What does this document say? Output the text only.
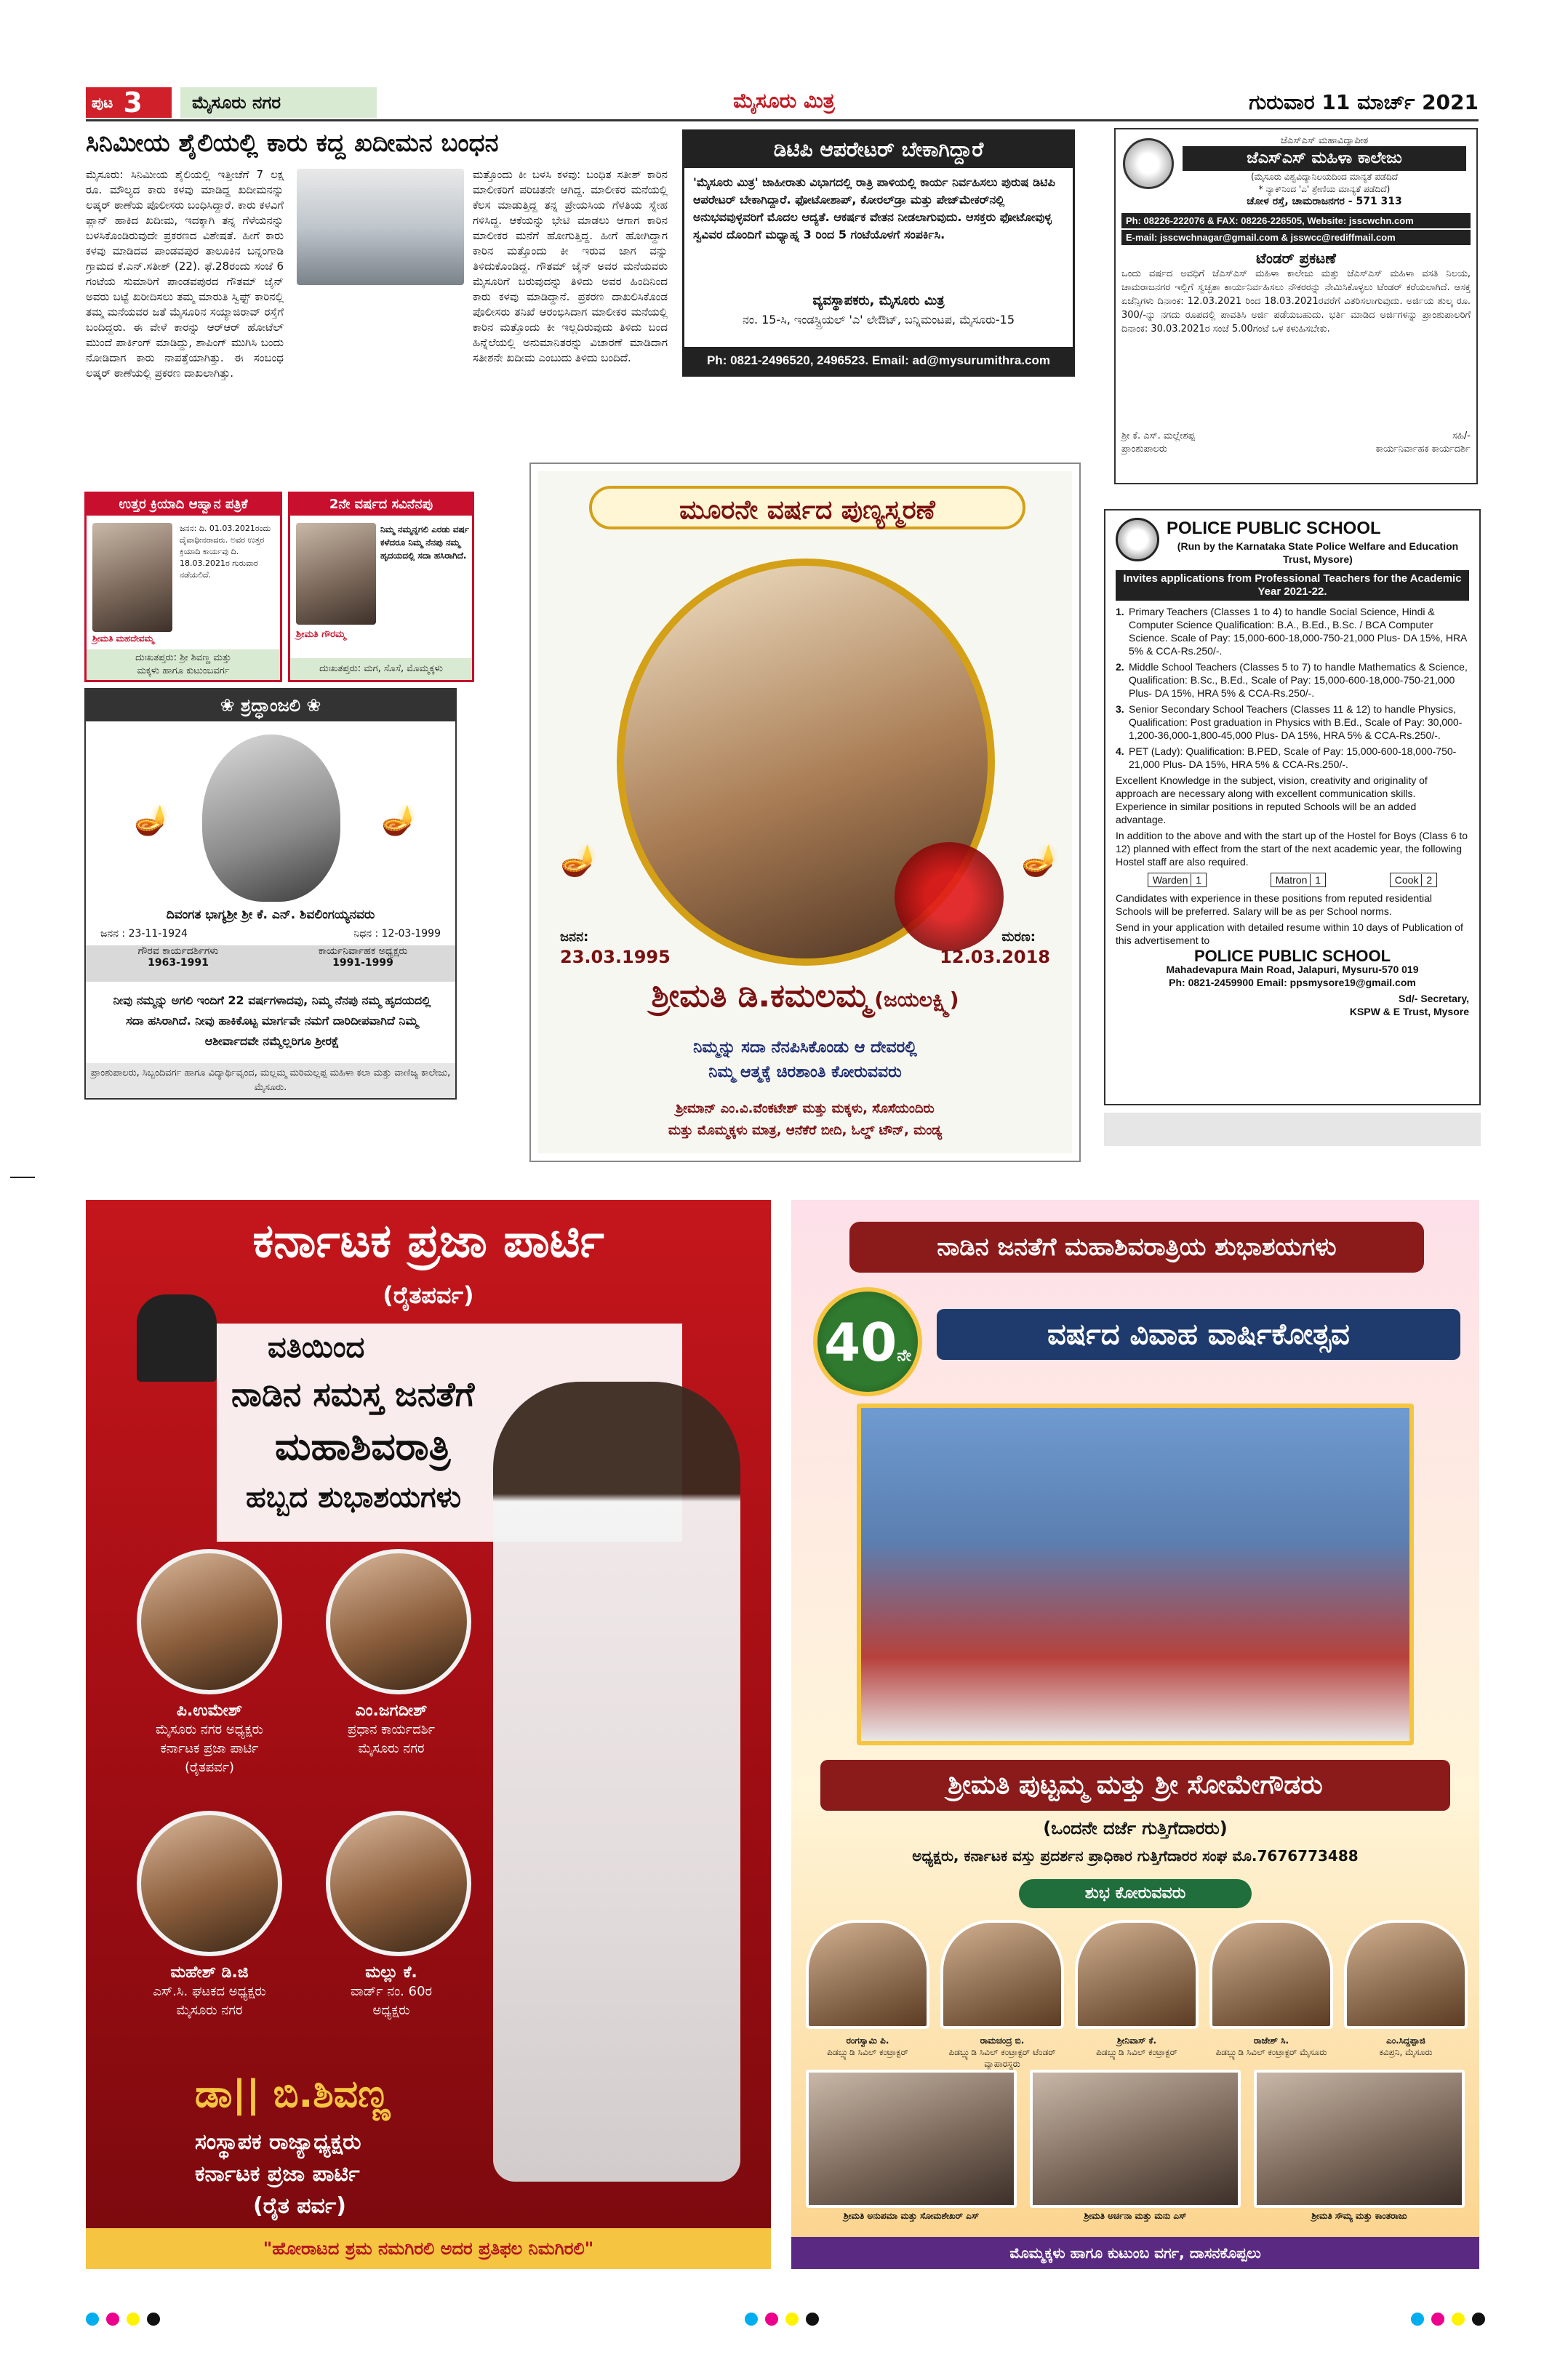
ಪುಟ 3	ಮೈಸೂರು ನಗರ	ಮೈಸೂರು ಮಿತ್ರ	ಗುರುವಾರ 11 ಮಾರ್ಚ್ 2021
ಸಿನಿಮೀಯ ಶೈಲಿಯಲ್ಲಿ ಕಾರು ಕದ್ದ ಖದೀಮನ ಬಂಧನ
ಮೈಸೂರು: ಸಿನಿಮೀಯ ಶೈಲಿಯಲ್ಲಿ ಇತ್ತೀಚೆಗೆ 7 ಲಕ್ಷ ರೂ. ಮೌಲ್ಯದ ಕಾರು ಕಳವು ಮಾಡಿದ್ದ ಖದೀಮನನ್ನು ಲಷ್ಕರ್ ಠಾಣೆಯ ಪೊಲೀಸರು ಬಂಧಿಸಿದ್ದಾರೆ. ಕಾರು ಕಳವಿಗೆ ಪ್ಲಾನ್ ಹಾಕಿದ ಖದೀಮ, ಇದಕ್ಕಾಗಿ ತನ್ನ ಗೆಳೆಯನನ್ನು ಬಳಸಿಕೊಂಡಿರುವುದೇ ಪ್ರಕರಣದ ವಿಶೇಷತೆ. ಹೀಗೆ ಕಾರು ಕಳವು ಮಾಡಿದವ ಪಾಂಡವಪುರ ತಾಲೂಕಿನ ಬನ್ನಂಗಾಡಿ ಗ್ರಾಮದ ಕೆ.ಎನ್.ಸತೀಶ್ (22). ಫೆ.28ರಂದು ಸಂಜೆ 6 ಗಂಟೆಯ ಸುಮಾರಿಗೆ ಪಾಂಡವಪುರದ ಗೌತಮ್ ಜೈನ್ ಅವರು ಬಟ್ಟೆ ಖರೀದಿಸಲು ತಮ್ಮ ಮಾರುತಿ ಸ್ವಿಫ್ಟ್ ಕಾರಿನಲ್ಲಿ ತಮ್ಮ ಮನೆಯವರ ಜತೆ ಮೈಸೂರಿನ ಸಯ್ಯಾಜಿರಾವ್ ರಸ್ತೆಗೆ ಬಂದಿದ್ದರು. ಈ ವೇಳೆ ಕಾರನ್ನು ಆರ್‌ಆರ್ ಹೋಟೆಲ್ ಮುಂದೆ ಪಾರ್ಕಿಂಗ್ ಮಾಡಿದ್ದು, ಶಾಪಿಂಗ್ ಮುಗಿಸಿ ಬಂದು ನೋಡಿದಾಗ ಕಾರು ನಾಪತ್ತೆಯಾಗಿತ್ತು. ಈ ಸಂಬಂಧ ಲಷ್ಕರ್ ಠಾಣೆಯಲ್ಲಿ ಪ್ರಕರಣ ದಾಖಲಾಗಿತ್ತು.
ಮತ್ತೊಂದು ಕೀ ಬಳಸಿ ಕಳವು: ಬಂಧಿತ ಸತೀಶ್ ಕಾರಿನ ಮಾಲೀಕರಿಗೆ ಪರಿಚಿತನೇ ಆಗಿದ್ದ. ಮಾಲೀಕರ ಮನೆಯಲ್ಲಿ ಕೆಲಸ ಮಾಡುತ್ತಿದ್ದ ತನ್ನ ಪ್ರೇಯಸಿಯ ಗೆಳತಿಯ ಸ್ನೇಹ ಗಳಿಸಿದ್ದ. ಆಕೆಯನ್ನು ಭೇಟಿ ಮಾಡಲು ಆಗಾಗ ಕಾರಿನ ಮಾಲೀಕರ ಮನೆಗೆ ಹೋಗುತ್ತಿದ್ದ. ಹೀಗೆ ಹೋಗಿದ್ದಾಗ ಕಾರಿನ ಮತ್ತೊಂದು ಕೀ ಇರುವ ಜಾಗ ವನ್ನು ತಿಳಿದುಕೊಂಡಿದ್ದ. ಗೌತಮ್ ಜೈನ್ ಅವರ ಮನೆಯವರು ಮೈಸೂರಿಗೆ ಬರುವುದನ್ನು ತಿಳಿದು ಅವರ ಹಿಂದಿನಿಂದ ಕಾರು ಕಳವು ಮಾಡಿದ್ದಾನೆ. ಪ್ರಕರಣ ದಾಖಲಿಸಿಕೊಂಡ ಪೊಲೀಸರು ತನಿಖೆ ಆರಂಭಿಸಿದಾಗ ಮಾಲೀಕರ ಮನೆಯಲ್ಲಿ ಕಾರಿನ ಮತ್ತೊಂದು ಕೀ ಇಲ್ಲದಿರುವುದು ತಿಳಿದು ಬಂದ ಹಿನ್ನೆಲೆಯಲ್ಲಿ ಅನುಮಾನಿತರನ್ನು ವಿಚಾರಣೆ ಮಾಡಿದಾಗ ಸತೀಶನೇ ಖದೀಮ ಎಂಬುದು ತಿಳಿದು ಬಂದಿದೆ.
ಡಿಟಿಪಿ ಆಪರೇಟರ್ ಬೇಕಾಗಿದ್ದಾರೆ
'ಮೈಸೂರು ಮಿತ್ರ' ಜಾಹೀರಾತು ವಿಭಾಗದಲ್ಲಿ ರಾತ್ರಿ ಪಾಳಿಯಲ್ಲಿ ಕಾರ್ಯ ನಿರ್ವಹಿಸಲು ಪುರುಷ ಡಿಟಿಪಿ ಆಪರೇಟರ್ ಬೇಕಾಗಿದ್ದಾರೆ. ಫೋಟೋಶಾಪ್, ಕೋರಲ್‌ಡ್ರಾ ಮತ್ತು ಪೇಜ್‌ಮೇಕರ್‌ನಲ್ಲಿ ಅನುಭವವುಳ್ಳವರಿಗೆ ಮೊದಲ ಆದ್ಯತೆ. ಆಕರ್ಷಕ ವೇತನ ನೀಡಲಾಗುವುದು. ಆಸಕ್ತರು ಫೋಟೋವುಳ್ಳ ಸ್ವವಿವರ ದೊಂದಿಗೆ ಮಧ್ಯಾಹ್ನ 3 ರಿಂದ 5 ಗಂಟೆಯೊಳಗೆ ಸಂಪರ್ಕಿಸಿ.
ವ್ಯವಸ್ಥಾಪಕರು, ಮೈಸೂರು ಮಿತ್ರ
ನಂ. 15-ಸಿ, ಇಂಡಸ್ಟ್ರಿಯಲ್ 'ಎ' ಲೇಔಟ್, ಬನ್ನಿಮಂಟಪ, ಮೈಸೂರು-15
Ph: 0821-2496520, 2496523. Email: ad@mysurumithra.com
ಜೆಎಸ್‌ಎಸ್ ಮಹಾವಿದ್ಯಾಪೀಠ
ಜೆಎಸ್‌ಎಸ್ ಮಹಿಳಾ ಕಾಲೇಜು
(ಮೈಸೂರು ವಿಶ್ವವಿದ್ಯಾನಿಲಯದಿಂದ ಮಾನ್ಯತೆ ಪಡೆದಿದೆ
* ನ್ಯಾಕ್‌ನಿಂದ 'ಎ' ಶ್ರೇಣಿಯ ಮಾನ್ಯತೆ ಪಡೆದಿದೆ)
ಚೋಳ ರಸ್ತೆ, ಚಾಮರಾಜನಗರ - 571 313
Ph: 08226-222076 & FAX: 08226-226505, Website: jsscwchn.com
E-mail: jsscwchnagar@gmail.com & jsswcc@rediffmail.com
ಟೆಂಡರ್ ಪ್ರಕಟಣೆ
ಒಂದು ವರ್ಷದ ಅವಧಿಗೆ ಜೆಎಸ್‌ಎಸ್ ಮಹಿಳಾ ಕಾಲೇಜು ಮತ್ತು ಜೆಎಸ್‌ಎಸ್ ಮಹಿಳಾ ವಸತಿ ನಿಲಯ, ಚಾಮರಾಜನಗರ ಇಲ್ಲಿಗೆ ಸ್ವಚ್ಛತಾ ಕಾರ್ಯನಿರ್ವಹಿಸಲು ನೌಕರರನ್ನು ನೇಮಿಸಿಕೊಳ್ಳಲು ಟೆಂಡರ್ ಕರೆಯಲಾಗಿದೆ. ಆಸಕ್ತ ಏಜೆನ್ಸಿಗಳು ದಿನಾಂಕ: 12.03.2021 ರಿಂದ 18.03.2021ರವರೆಗೆ ವಿತರಿಸಲಾಗುವುದು. ಅರ್ಜಿಯ ಶುಲ್ಕ ರೂ. 300/-ನ್ನು ನಗದು ರೂಪದಲ್ಲಿ ಪಾವತಿಸಿ ಅರ್ಜಿ ಪಡೆಯಬಹುದು. ಭರ್ತಿ ಮಾಡಿದ ಅರ್ಜಿಗಳನ್ನು ಪ್ರಾಂಶುಪಾಲರಿಗೆ ದಿನಾಂಕ: 30.03.2021ರ ಸಂಜೆ 5.00ಗಂಟೆ ಒಳ ಕಳುಹಿಸಬೇಕು.
ಶ್ರೀ ಕೆ. ಎಸ್. ಮಲ್ಲೇಶಪ್ಪ
ಪ್ರಾಂಶುಪಾಲರು
ಸಹಿ/-
ಕಾರ್ಯನಿರ್ವಾಹಕ ಕಾರ್ಯದರ್ಶಿ
ಉತ್ತರ ಕ್ರಿಯಾದಿ ಆಹ್ವಾನ ಪತ್ರಿಕೆ
ಶ್ರೀಮತಿ ಮಹದೇವಮ್ಮ
ಜನನ: ದಿ. 01.03.2021ರಂದು ದೈವಾಧೀನರಾದರು. ಅವರ ಉತ್ತರ ಕ್ರಿಯಾದಿ ಕಾರ್ಯವು ದಿ. 18.03.2021ರ ಗುರುವಾರ ನಡೆಯಲಿದೆ.
ದುಃಖತಪ್ತರು: ಶ್ರೀ ಶಿವಣ್ಣ ಮತ್ತು
ಮಕ್ಕಳು ಹಾಗೂ ಕುಟುಂಬವರ್ಗ
2ನೇ ವರ್ಷದ ಸವಿನೆನಪು
ಶ್ರೀಮತಿ ಗೌರಮ್ಮ
ನಿಮ್ಮ ನಮ್ಮನ್ನಗಲಿ ಎರಡು ವರ್ಷ ಕಳೆದರೂ ನಿಮ್ಮ ನೆನಪು ನಮ್ಮ ಹೃದಯದಲ್ಲಿ ಸದಾ ಹಸಿರಾಗಿದೆ.
ದುಃಖತಪ್ತರು: ಮಗ, ಸೊಸೆ, ಮೊಮ್ಮಕ್ಕಳು
❀ ಶ್ರದ್ಧಾಂಜಲಿ ❀
🪔	🪔
ದಿವಂಗತ ಭಾಗ್ಯಶ್ರೀ ಶ್ರೀ ಕೆ. ಎನ್. ಶಿವಲಿಂಗಯ್ಯನವರು
ಜನನ : 23-11-1924	ನಿಧನ : 12-03-1999
ಗೌರವ ಕಾರ್ಯದರ್ಶಿಗಳು
1963-1991
ಕಾರ್ಯನಿರ್ವಾಹಕ ಅಧ್ಯಕ್ಷರು
1991-1999
ನೀವು ನಮ್ಮನ್ನು ಅಗಲಿ ಇಂದಿಗೆ 22 ವರ್ಷಗಳಾದವು, ನಿಮ್ಮ ನೆನಪು ನಮ್ಮ ಹೃದಯದಲ್ಲಿ ಸದಾ ಹಸಿರಾಗಿದೆ. ನೀವು ಹಾಕಿಕೊಟ್ಟ ಮಾರ್ಗವೇ ನಮಗೆ ದಾರಿದೀಪವಾಗಿದೆ ನಿಮ್ಮ ಆಶೀರ್ವಾದವೇ ನಮ್ಮೆಲ್ಲರಿಗೂ ಶ್ರೀರಕ್ಷೆ
ಪ್ರಾಂಶುಪಾಲರು, ಸಿಬ್ಬಂದಿವರ್ಗ ಹಾಗೂ ವಿದ್ಯಾರ್ಥಿವೃಂದ, ಮಲ್ಲಮ್ಮ ಮರಿಮಲ್ಲಪ್ಪ ಮಹಿಳಾ ಕಲಾ ಮತ್ತು ವಾಣಿಜ್ಯ ಕಾಲೇಜು, ಮೈಸೂರು.
ಮೂರನೇ ವರ್ಷದ ಪುಣ್ಯಸ್ಮರಣೆ
🪔	🪔
ಜನನ:
23.03.1995
ಮರಣ:
12.03.2018
ಶ್ರೀಮತಿ ಡಿ.ಕಮಲಮ್ಮ (ಜಯಲಕ್ಷ್ಮಿ)
ನಿಮ್ಮನ್ನು ಸದಾ ನೆನಪಿಸಿಕೊಂಡು ಆ ದೇವರಲ್ಲಿ
ನಿಮ್ಮ ಆತ್ಮಕ್ಕೆ ಚಿರಶಾಂತಿ ಕೋರುವವರು
ಶ್ರೀಮಾನ್ ಎಂ.ವಿ.ವೆಂಕಟೇಶ್ ಮತ್ತು ಮಕ್ಕಳು, ಸೊಸೆಯಂದಿರು
ಮತ್ತು ಮೊಮ್ಮಕ್ಕಳು ಮಾತ್ರ, ಆನೆಕೆರೆ ಬೀದಿ, ಓಲ್ಡ್ ಟೌನ್, ಮಂಡ್ಯ
POLICE PUBLIC SCHOOL
(Run by the Karnataka State Police Welfare and Education Trust, Mysore)
Invites applications from Professional Teachers for the Academic Year 2021-22.
1. Primary Teachers (Classes 1 to 4) to handle Social Science, Hindi & Computer Science Qualification: B.A., B.Ed., B.Sc. / BCA Computer Science. Scale of Pay: 15,000-600-18,000-750-21,000 Plus- DA 15%, HRA 5% & CCA-Rs.250/-.
2. Middle School Teachers (Classes 5 to 7) to handle Mathematics & Science, Qualification: B.Sc., B.Ed., Scale of Pay: 15,000-600-18,000-750-21,000 Plus- DA 15%, HRA 5% & CCA-Rs.250/-.
3. Senior Secondary School Teachers (Classes 11 & 12) to handle Physics, Qualification: Post graduation in Physics with B.Ed., Scale of Pay: 30,000-1,200-36,000-1,800-45,000 Plus- DA 15%, HRA 5% & CCA-Rs.250/-.
4. PET (Lady): Qualification: B.PED, Scale of Pay: 15,000-600-18,000-750-21,000 Plus- DA 15%, HRA 5% & CCA-Rs.250/-.
Excellent Knowledge in the subject, vision, creativity and originality of approach are necessary along with excellent communication skills. Experience in similar positions in reputed Schools will be an added advantage.
In addition to the above and with the start up of the Hostel for Boys (Class 6 to 12) planned with effect from the start of the next academic year, the following Hostel staff are also required.
Warden 1	Matron 1	Cook 2
Candidates with experience in these positions from reputed residential Schools will be preferred. Salary will be as per School norms.
Send in your application with detailed resume within 10 days of Publication of this advertisement to
POLICE PUBLIC SCHOOL
Mahadevapura Main Road, Jalapuri, Mysuru-570 019
Ph: 0821-2459900 Email: ppsmysore19@gmail.com
Sd/- Secretary,
KSPW & E Trust, Mysore
ಕರ್ನಾಟಕ ಪ್ರಜಾ ಪಾರ್ಟಿ
(ರೈತಪರ್ವ)
ವತಿಯಿಂದ
ನಾಡಿನ ಸಮಸ್ತ ಜನತೆಗೆ
ಮಹಾಶಿವರಾತ್ರಿ
ಹಬ್ಬದ ಶುಭಾಶಯಗಳು
ಪಿ.ಉಮೇಶ್
ಮೈಸೂರು ನಗರ ಅಧ್ಯಕ್ಷರು
ಕರ್ನಾಟಕ ಪ್ರಜಾ ಪಾರ್ಟಿ
(ರೈತಪರ್ವ)
ಎಂ.ಜಗದೀಶ್
ಪ್ರಧಾನ ಕಾರ್ಯದರ್ಶಿ
ಮೈಸೂರು ನಗರ
ಮಹೇಶ್ ಡಿ.ಜಿ
ಎಸ್.ಸಿ. ಘಟಕದ ಅಧ್ಯಕ್ಷರು
ಮೈಸೂರು ನಗರ
ಮಲ್ಲು ಕೆ.
ವಾರ್ಡ್ ನಂ. 60ರ
ಅಧ್ಯಕ್ಷರು
ಡಾ|| ಬಿ.ಶಿವಣ್ಣ
ಸಂಸ್ಥಾಪಕ ರಾಜ್ಯಾಧ್ಯಕ್ಷರು
ಕರ್ನಾಟಕ ಪ್ರಜಾ ಪಾರ್ಟಿ
(ರೈತ ಪರ್ವ)
"ಹೋರಾಟದ ಶ್ರಮ ನಮಗಿರಲಿ ಅದರ ಪ್ರತಿಫಲ ನಿಮಗಿರಲಿ"
ನಾಡಿನ ಜನತೆಗೆ ಮಹಾಶಿವರಾತ್ರಿಯ ಶುಭಾಶಯಗಳು
40ನೇ
ವರ್ಷದ ವಿವಾಹ ವಾರ್ಷಿಕೋತ್ಸವ
ಶ್ರೀಮತಿ ಪುಟ್ಟಮ್ಮ ಮತ್ತು ಶ್ರೀ ಸೋಮೇಗೌಡರು
(ಒಂದನೇ ದರ್ಜೆ ಗುತ್ತಿಗೆದಾರರು)
ಅಧ್ಯಕ್ಷರು, ಕರ್ನಾಟಕ ವಸ್ತು ಪ್ರದರ್ಶನ ಪ್ರಾಧಿಕಾರ ಗುತ್ತಿಗೆದಾರರ ಸಂಘ ಮೊ.7676773488
ಶುಭ ಕೋರುವವರು
ರಂಗಸ್ವಾಮಿ ಪಿ.
ಪಿಡಬ್ಲ್ಯುಡಿ ಸಿವಿಲ್ ಕಂಟ್ರಾಕ್ಟರ್
ರಾಮಚಂದ್ರ ಬಿ.
ಪಿಡಬ್ಲ್ಯುಡಿ ಸಿವಿಲ್ ಕಂಟ್ರಾಕ್ಟರ್ ಟೆಂಡರ್ ವ್ಯಾಪಾರಸ್ಥರು
ಶ್ರೀನಿವಾಸ್ ಕೆ.
ಪಿಡಬ್ಲ್ಯುಡಿ ಸಿವಿಲ್ ಕಂಟ್ರಾಕ್ಟರ್
ರಾಜೇಶ್ ಸಿ.
ಪಿಡಬ್ಲ್ಯುಡಿ ಸಿವಿಲ್ ಕಂಟ್ರಾಕ್ಟರ್ ಮೈಸೂರು
ಎಂ.ಸಿದ್ದಪ್ಪಾಜಿ
ಕವಿಪ್ರನಿ, ಮೈಸೂರು
ಶ್ರೀಮತಿ ಅನುಪಮಾ ಮತ್ತು ಸೋಮಶೇಖರ್ ಎಸ್	ಶ್ರೀಮತಿ ಅರ್ಚನಾ ಮತ್ತು ಮನು ಎಸ್	ಶ್ರೀಮತಿ ಸೌಮ್ಯ ಮತ್ತು ಕಾಂತರಾಜು
ಮೊಮ್ಮಕ್ಕಳು ಹಾಗೂ ಕುಟುಂಬ ವರ್ಗ, ದಾಸನಕೊಪ್ಪಲು
